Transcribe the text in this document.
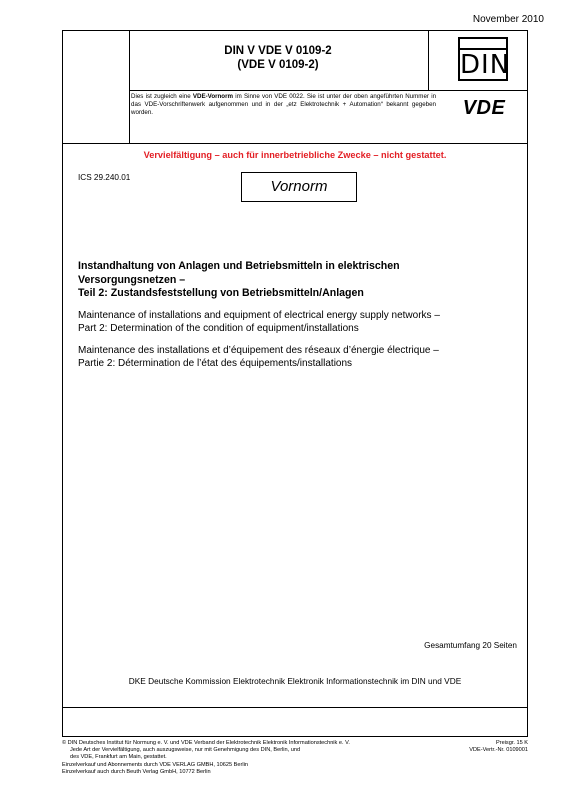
November 2010
DIN V VDE V 0109-2
(VDE V 0109-2)	DIN
Dies ist zugleich eine VDE-Vornorm im Sinne von VDE 0022. Sie ist unter der oben angeführten Nummer in das VDE-Vorschriftenwerk aufgenommen und in der „etz Elektrotechnik + Automation“ bekannt gegeben worden.	VDE
Vervielfältigung – auch für innerbetriebliche Zwecke – nicht gestattet.
ICS 29.240.01
Vornorm
Instandhaltung von Anlagen und Betriebsmitteln in elektrischen
Versorgungsnetzen –
Teil 2: Zustandsfeststellung von Betriebsmitteln/Anlagen
Maintenance of installations and equipment of electrical energy supply networks –
Part 2: Determination of the condition of equipment/installations
Maintenance des installations et d’équipement des réseaux d’énergie électrique –
Partie 2: Détermination de l’état des équipements/installations
Gesamtumfang 20 Seiten
DKE Deutsche Kommission Elektrotechnik Elektronik Informationstechnik im DIN und VDE
© DIN Deutsches Institut für Normung e. V. und VDE Verband der Elektrotechnik Elektronik Informationstechnik e. V.
Jede Art der Vervielfältigung, auch auszugsweise, nur mit Genehmigung des DIN, Berlin, und
des VDE, Frankfurt am Main, gestattet.
Einzelverkauf und Abonnements durch VDE VERLAG GMBH, 10625 Berlin
Einzelverkauf auch durch Beuth Verlag GmbH, 10772 Berlin
Preisgr. 15 K
VDE-Vertr.-Nr. 0109001
